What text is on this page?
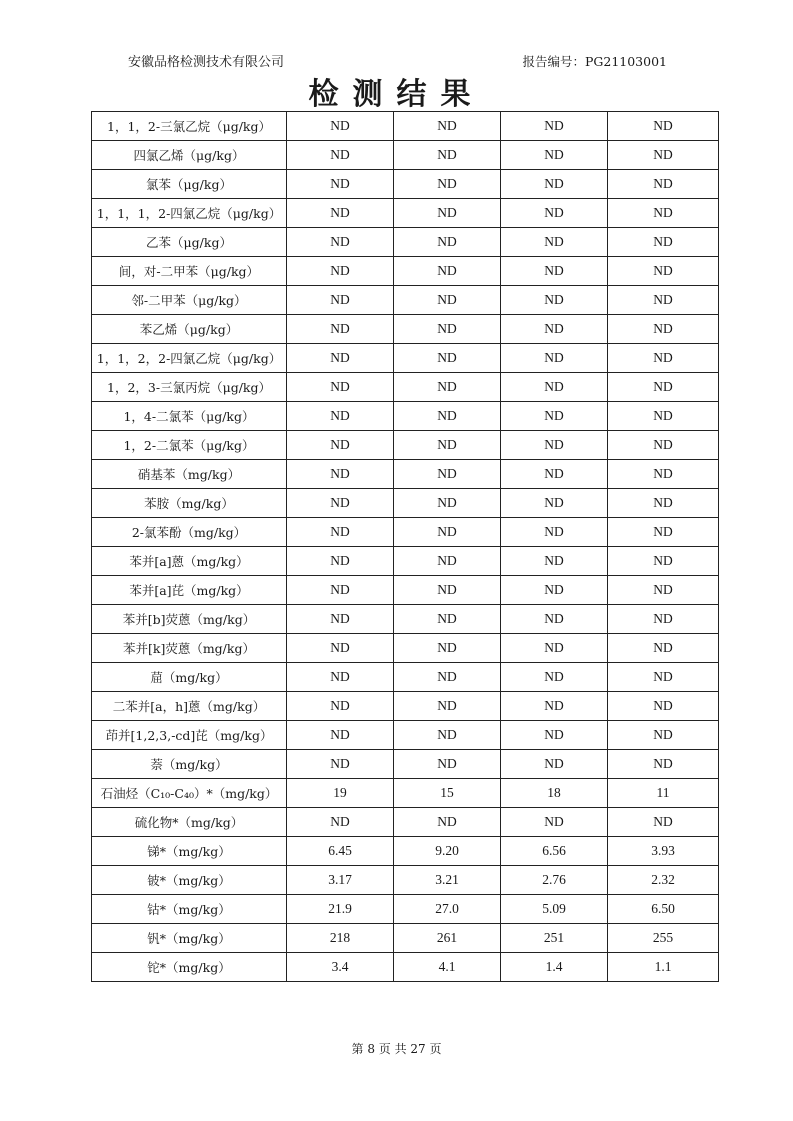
安徽品格检测技术有限公司	报告编号：PG21103001
检测结果
1，1，2-三氯乙烷（μg/kg）	ND	ND	ND	ND
四氯乙烯（μg/kg）	ND	ND	ND	ND
氯苯（μg/kg）	ND	ND	ND	ND
1，1，1，2-四氯乙烷（μg/kg）	ND	ND	ND	ND
乙苯（μg/kg）	ND	ND	ND	ND
间，对-二甲苯（μg/kg）	ND	ND	ND	ND
邻-二甲苯（μg/kg）	ND	ND	ND	ND
苯乙烯（μg/kg）	ND	ND	ND	ND
1，1，2，2-四氯乙烷（μg/kg）	ND	ND	ND	ND
1，2，3-三氯丙烷（μg/kg）	ND	ND	ND	ND
1，4-二氯苯（μg/kg）	ND	ND	ND	ND
1，2-二氯苯（μg/kg）	ND	ND	ND	ND
硝基苯（mg/kg）	ND	ND	ND	ND
苯胺（mg/kg）	ND	ND	ND	ND
2-氯苯酚（mg/kg）	ND	ND	ND	ND
苯并[a]蒽（mg/kg）	ND	ND	ND	ND
苯并[a]芘（mg/kg）	ND	ND	ND	ND
苯并[b]荧蒽（mg/kg）	ND	ND	ND	ND
苯并[k]荧蒽（mg/kg）	ND	ND	ND	ND
䓛（mg/kg）	ND	ND	ND	ND
二苯并[a，h]蒽（mg/kg）	ND	ND	ND	ND
茚并[1,2,3,-cd]芘（mg/kg）	ND	ND	ND	ND
萘（mg/kg）	ND	ND	ND	ND
石油烃（C₁₀-C₄₀）*（mg/kg）	19	15	18	11
硫化物*（mg/kg）	ND	ND	ND	ND
锑*（mg/kg）	6.45	9.20	6.56	3.93
铍*（mg/kg）	3.17	3.21	2.76	2.32
钴*（mg/kg）	21.9	27.0	5.09	6.50
钒*（mg/kg）	218	261	251	255
铊*（mg/kg）	3.4	4.1	1.4	1.1
第 8 页 共 27 页
